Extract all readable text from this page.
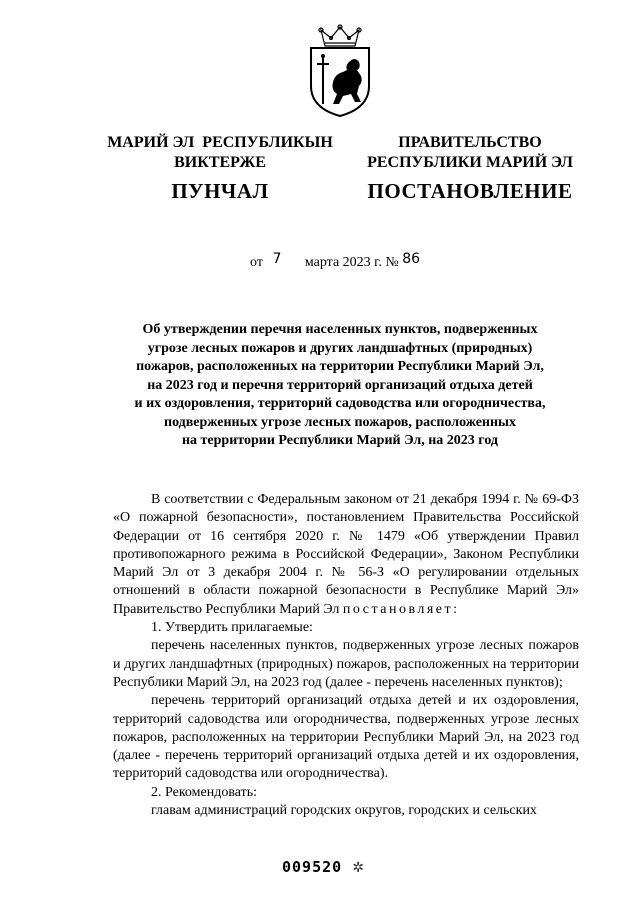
МАРИЙ ЭЛ  РЕСПУБЛИКЫН
ВИКТЕРЖЕ
ПУНЧАЛ
ПРАВИТЕЛЬСТВО
РЕСПУБЛИКИ МАРИЙ ЭЛ
ПОСТАНОВЛЕНИЕ
от 7 марта 2023 г. № 86
Об утверждении перечня населенных пунктов, подверженных
угрозе лесных пожаров и других ландшафтных (природных)
пожаров, расположенных на территории Республики Марий Эл,
на 2023 год и перечня территорий организаций отдыха детей
и их оздоровления, территорий садоводства или огородничества,
подверженных угрозе лесных пожаров, расположенных
на территории Республики Марий Эл, на 2023 год

В соответствии с Федеральным законом от 21 декабря 1994 г. № 69-ФЗ «О пожарной безопасности», постановлением Правительства Российской Федерации от 16 сентября 2020 г. № 1479 «Об утверждении Правил противопожарного режима в Российской Федерации», Законом Республики Марий Эл от 3 декабря 2004 г. № 56-З «О регулировании отдельных отношений в области пожарной безопасности в Республике Марий Эл» Правительство Республики Марий Эл постановляет:

1. Утвердить прилагаемые:

перечень населенных пунктов, подверженных угрозе лесных пожаров и других ландшафтных (природных) пожаров, расположенных на территории Республики Марий Эл, на 2023 год (далее - перечень населенных пунктов);

перечень территорий организаций отдыха детей и их оздоровления, территорий садоводства или огородничества, подверженных угрозе лесных пожаров, расположенных на территории Республики Марий Эл, на 2023 год (далее - перечень территорий организаций отдыха детей и их оздоровления, территорий садоводства или огородничества).

2. Рекомендовать:

главам администраций городских округов, городских и сельских

009520 ✲
